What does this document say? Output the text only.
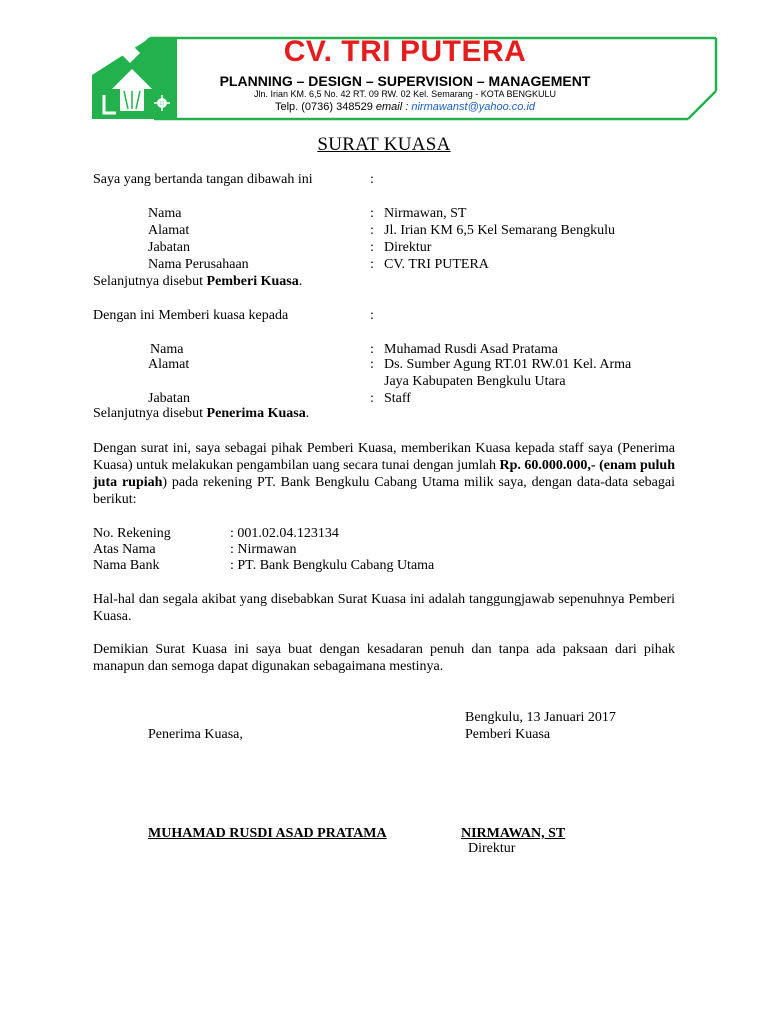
CV. TRI PUTERA
PLANNING – DESIGN – SUPERVISION – MANAGEMENT
Jln. Irian KM. 6,5 No. 42 RT. 09 RW. 02 Kel. Semarang - KOTA BENGKULU
Telp. (0736) 348529 email : nirmawanst@yahoo.co.id
SURAT KUASA
Saya yang bertanda tangan dibawah ini	:
Nama	: Nirmawan, ST
Alamat	: Jl. Irian KM 6,5 Kel Semarang Bengkulu
Jabatan	: Direktur
Nama Perusahaan	: CV. TRI PUTERA
Selanjutnya disebut Pemberi Kuasa.
Dengan ini Memberi kuasa kepada	:
Nama	: Muhamad Rusdi Asad Pratama
Alamat	: Ds. Sumber Agung RT.01 RW.01 Kel. Arma
Jaya Kabupaten Bengkulu Utara
Jabatan	: Staff
Selanjutnya disebut Penerima Kuasa.
Dengan surat ini, saya sebagai pihak Pemberi Kuasa, memberikan Kuasa kepada staff saya (Penerima Kuasa) untuk melakukan pengambilan uang secara tunai dengan jumlah Rp. 60.000.000,- (enam puluh juta rupiah) pada rekening PT. Bank Bengkulu Cabang Utama milik saya, dengan data-data sebagai berikut:
No. Rekening	: 001.02.04.123134
Atas Nama	: Nirmawan
Nama Bank	: PT. Bank Bengkulu Cabang Utama
Hal-hal dan segala akibat yang disebabkan Surat Kuasa ini adalah tanggungjawab sepenuhnya Pemberi Kuasa.
Demikian Surat Kuasa ini saya buat dengan kesadaran penuh dan tanpa ada paksaan dari pihak manapun dan semoga dapat digunakan sebagaimana mestinya.
Bengkulu, 13 Januari 2017
Penerima Kuasa,	Pemberi Kuasa
MUHAMAD RUSDI ASAD PRATAMA	NIRMAWAN, ST
Direktur
